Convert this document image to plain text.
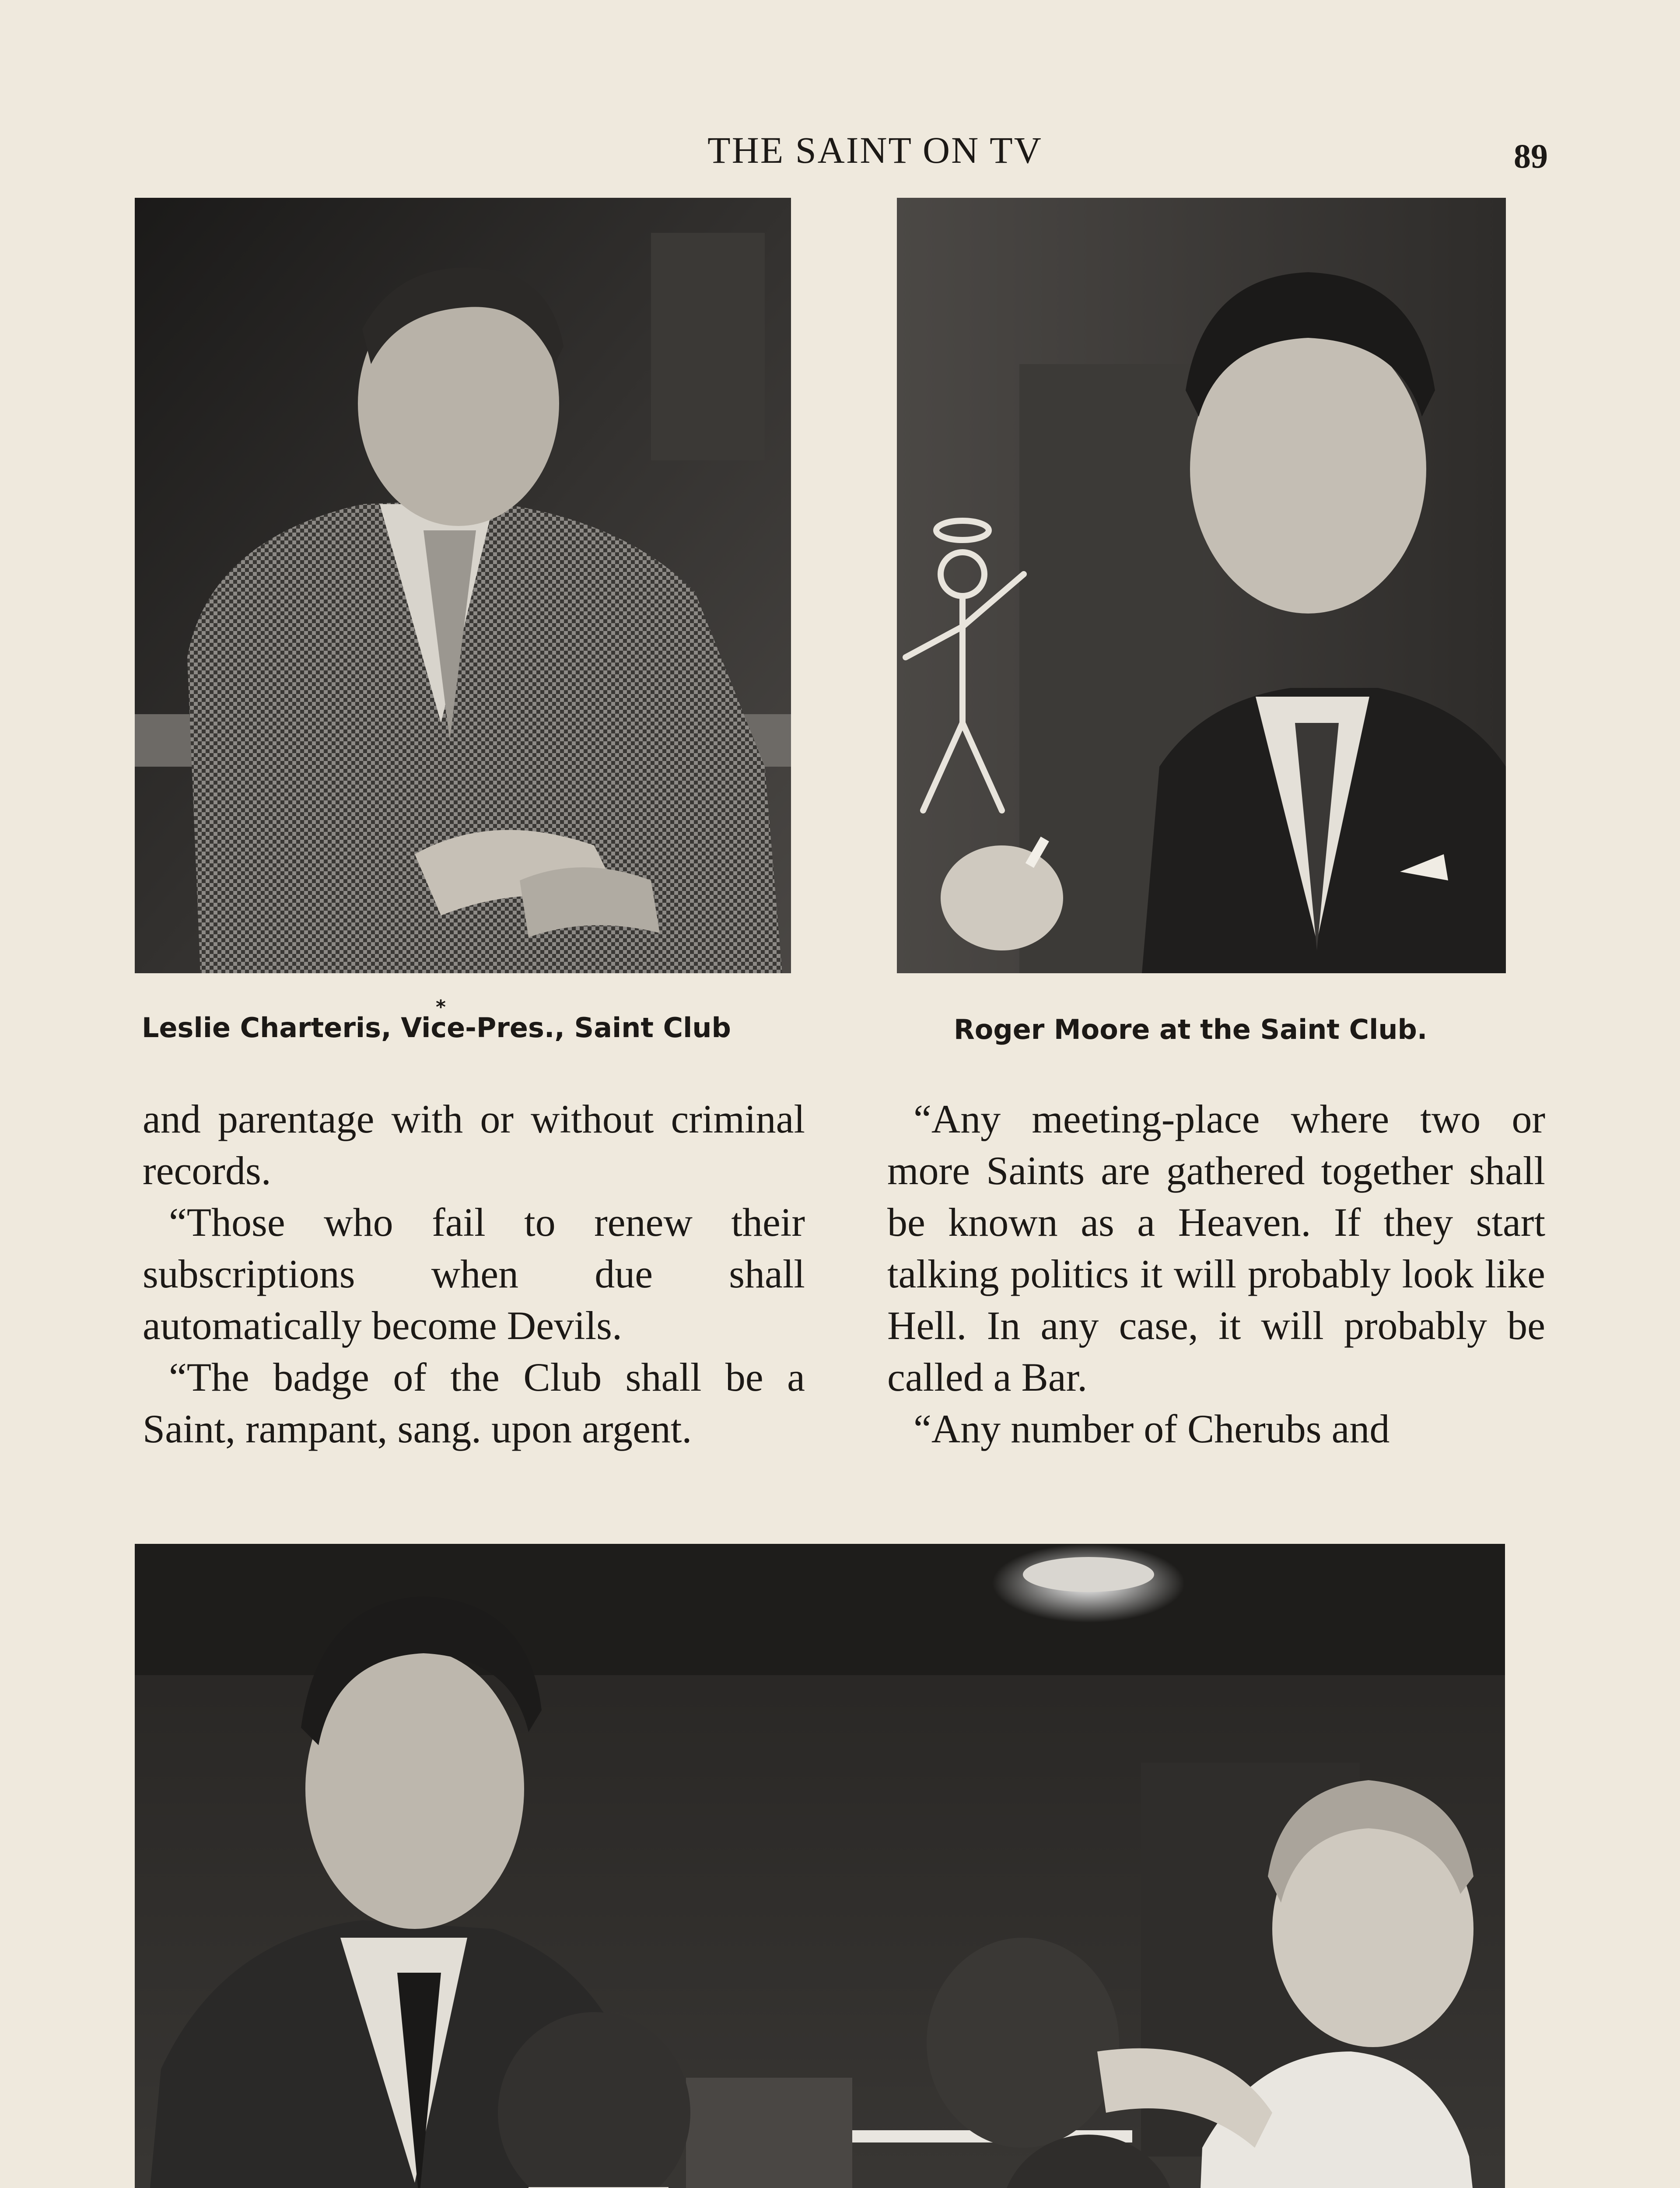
THE SAINT ON TV	89
*
Leslie Charteris, Vice-Pres., Saint Club	Roger Moore at the Saint Club.

and parentage with or without criminal records.

“Those who fail to renew their subscriptions when due shall automatically become Devils.

“The badge of the Club shall be a Saint, rampant, sang. upon argent.

“Any meeting-place where two or more Saints are gathered together shall be known as a Heaven. If they start talking politics it will probably look like Hell. In any case, it will probably be called a Bar.

“Any number of Cherubs and
